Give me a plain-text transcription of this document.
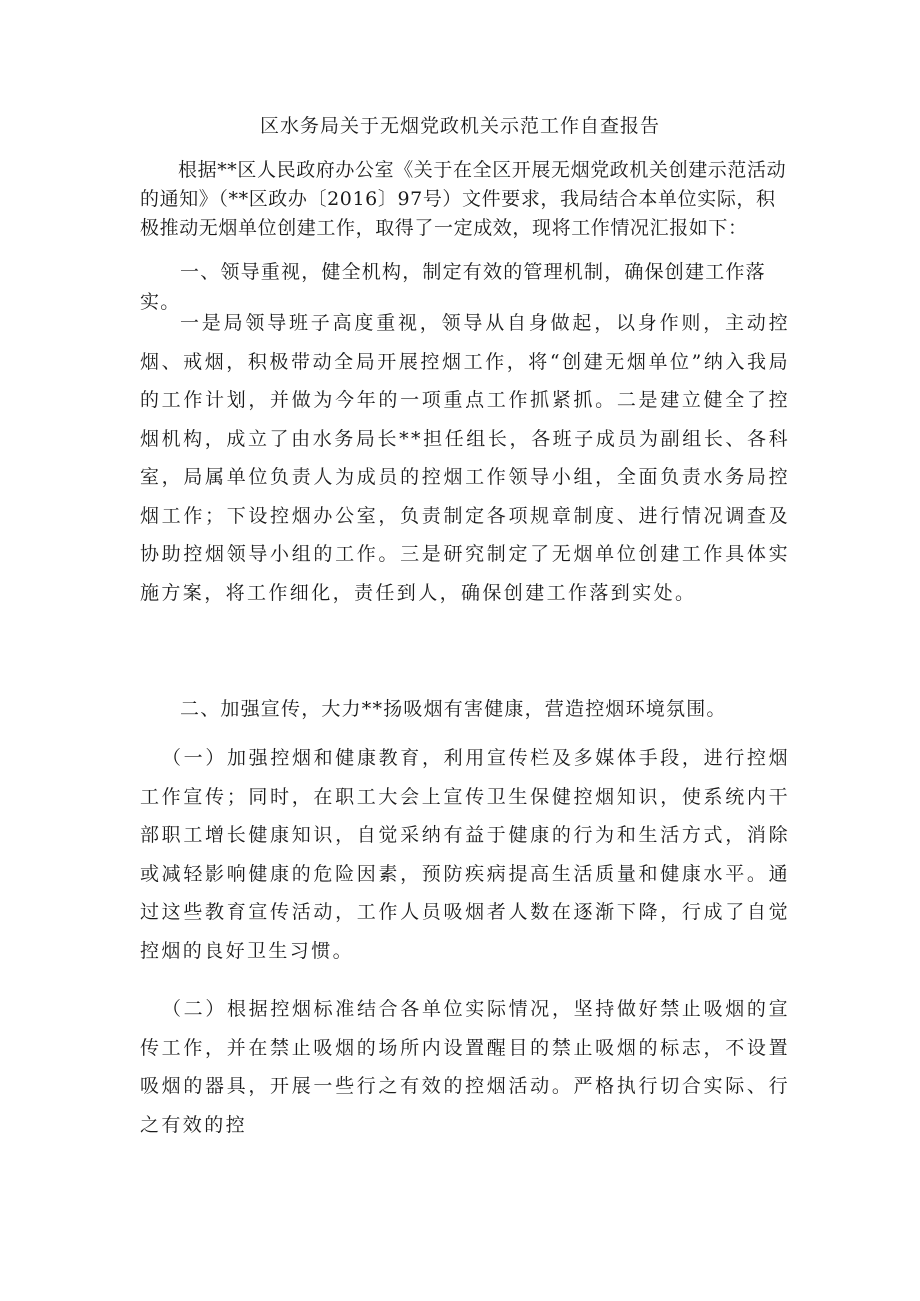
区水务局关于无烟党政机关示范工作自查报告

根据**区人民政府办公室《关于在全区开展无烟党政机关创建示范活动的通知》（**区政办〔2016〕97号）文件要求，我局结合本单位实际，积极推动无烟单位创建工作，取得了一定成效，现将工作情况汇报如下：

一、领导重视，健全机构，制定有效的管理机制，确保创建工作落实。

一是局领导班子高度重视，领导从自身做起，以身作则，主动控烟、戒烟，积极带动全局开展控烟工作，将“创建无烟单位”纳入我局的工作计划，并做为今年的一项重点工作抓紧抓。二是建立健全了控烟机构，成立了由水务局长**担任组长，各班子成员为副组长、各科室，局属单位负责人为成员的控烟工作领导小组，全面负责水务局控烟工作；下设控烟办公室，负责制定各项规章制度、进行情况调查及协助控烟领导小组的工作。三是研究制定了无烟单位创建工作具体实施方案，将工作细化，责任到人，确保创建工作落到实处。

二、加强宣传，大力**扬吸烟有害健康，营造控烟环境氛围。

（一）加强控烟和健康教育，利用宣传栏及多媒体手段，进行控烟工作宣传；同时，在职工大会上宣传卫生保健控烟知识，使系统内干部职工增长健康知识，自觉采纳有益于健康的行为和生活方式，消除或减轻影响健康的危险因素，预防疾病提高生活质量和健康水平。通过这些教育宣传活动，工作人员吸烟者人数在逐渐下降，行成了自觉控烟的良好卫生习惯。

（二）根据控烟标准结合各单位实际情况，坚持做好禁止吸烟的宣传工作，并在禁止吸烟的场所内设置醒目的禁止吸烟的标志，不设置吸烟的器具，开展一些行之有效的控烟活动。严格执行切合实际、行之有效的控
